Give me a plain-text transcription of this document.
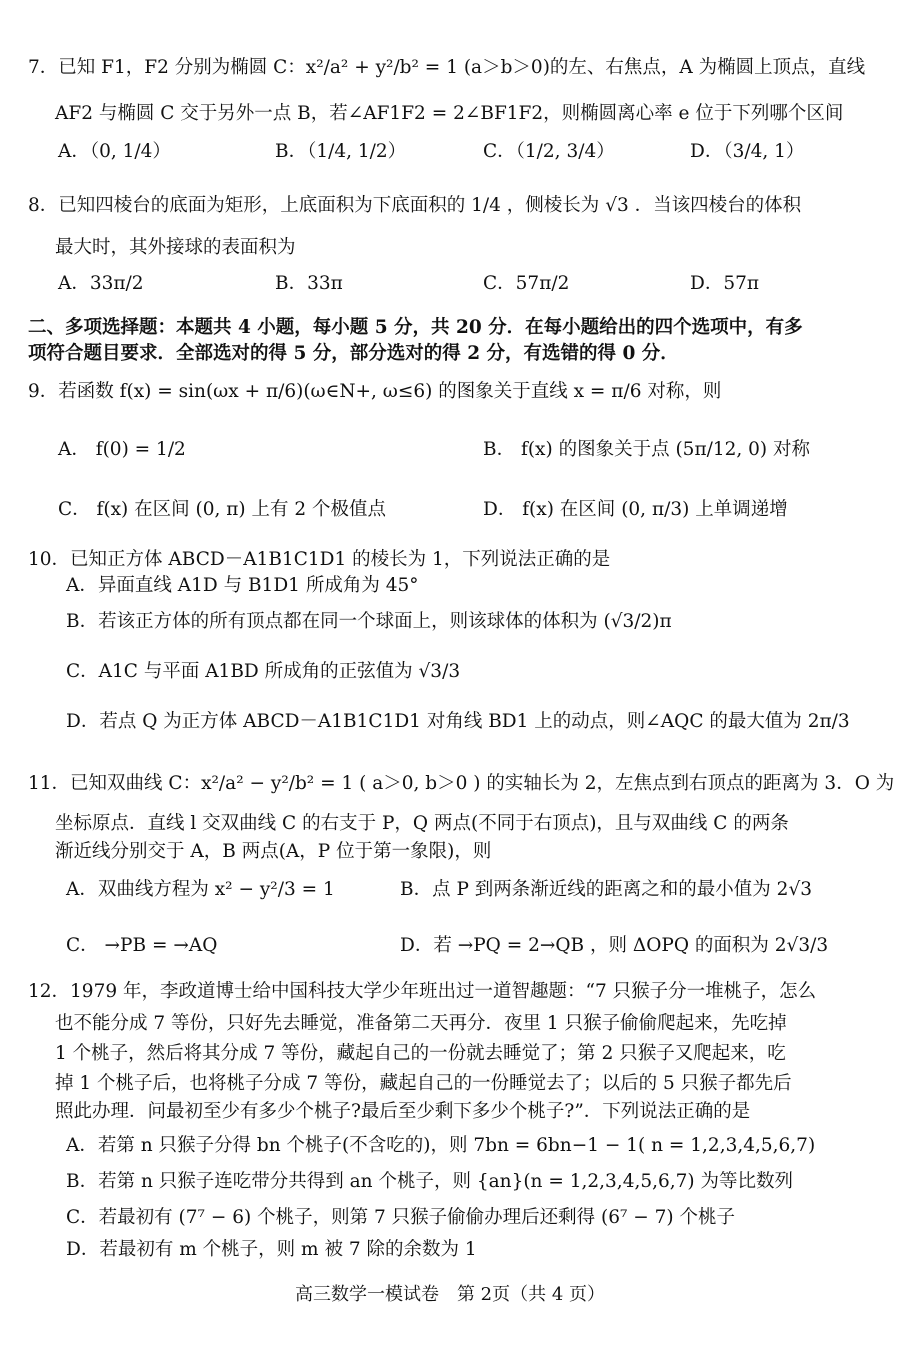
7．已知 F1，F2 分别为椭圆 C：x²/a² + y²/b² = 1 (a＞b＞0)的左、右焦点，A 为椭圆上顶点，直线
AF2 与椭圆 C 交于另外一点 B，若∠AF1F2 = 2∠BF1F2，则椭圆离心率 e 位于下列哪个区间
A．（0, 1/4）	B．（1/4, 1/2）	C．（1/2, 3/4）	D．（3/4, 1）
8．已知四棱台的底面为矩形，上底面积为下底面积的 1/4 ，侧棱长为 √3 ．当该四棱台的体积
最大时，其外接球的表面积为
A．33π/2	B．33π	C．57π/2	D．57π
二、多项选择题：本题共 4 小题，每小题 5 分，共 20 分．在每小题给出的四个选项中，有多
项符合题目要求．全部选对的得 5 分，部分选对的得 2 分，有选错的得 0 分．
9．若函数 f(x) = sin(ωx + π/6)(ω∈N+, ω≤6) 的图象关于直线 x = π/6 对称，则
A． f(0) = 1/2	B． f(x) 的图象关于点 (5π/12, 0) 对称
C． f(x) 在区间 (0, π) 上有 2 个极值点	D． f(x) 在区间 (0, π/3) 上单调递增
10．已知正方体 ABCD－A1B1C1D1 的棱长为 1，下列说法正确的是
A．异面直线 A1D 与 B1D1 所成角为 45°
B．若该正方体的所有顶点都在同一个球面上，则该球体的体积为 (√3/2)π
C．A1C 与平面 A1BD 所成角的正弦值为 √3/3
D．若点 Q 为正方体 ABCD－A1B1C1D1 对角线 BD1 上的动点，则∠AQC 的最大值为 2π/3
11．已知双曲线 C：x²/a² − y²/b² = 1 ( a＞0, b＞0 ) 的实轴长为 2，左焦点到右顶点的距离为 3．O 为
坐标原点．直线 l 交双曲线 C 的右支于 P，Q 两点(不同于右顶点)，且与双曲线 C 的两条
渐近线分别交于 A，B 两点(A，P 位于第一象限)，则
A．双曲线方程为 x² − y²/3 = 1	B．点 P 到两条渐近线的距离之和的最小值为 2√3
C． →PB = →AQ	D．若 →PQ = 2→QB ，则 ΔOPQ 的面积为 2√3/3
12．1979 年，李政道博士给中国科技大学少年班出过一道智趣题：“7 只猴子分一堆桃子，怎么
也不能分成 7 等份，只好先去睡觉，准备第二天再分．夜里 1 只猴子偷偷爬起来，先吃掉
1 个桃子，然后将其分成 7 等份，藏起自己的一份就去睡觉了；第 2 只猴子又爬起来，吃
掉 1 个桃子后，也将桃子分成 7 等份，藏起自己的一份睡觉去了；以后的 5 只猴子都先后
照此办理．问最初至少有多少个桃子?最后至少剩下多少个桃子?”．下列说法正确的是
A．若第 n 只猴子分得 bn 个桃子(不含吃的)，则 7bn = 6bn−1 − 1( n = 1,2,3,4,5,6,7)
B．若第 n 只猴子连吃带分共得到 an 个桃子，则 {an}(n = 1,2,3,4,5,6,7) 为等比数列
C．若最初有 (7⁷ − 6) 个桃子，则第 7 只猴子偷偷办理后还剩得 (6⁷ − 7) 个桃子
D．若最初有 m 个桃子，则 m 被 7 除的余数为 1
高三数学一模试卷　第 2页（共 4 页）
